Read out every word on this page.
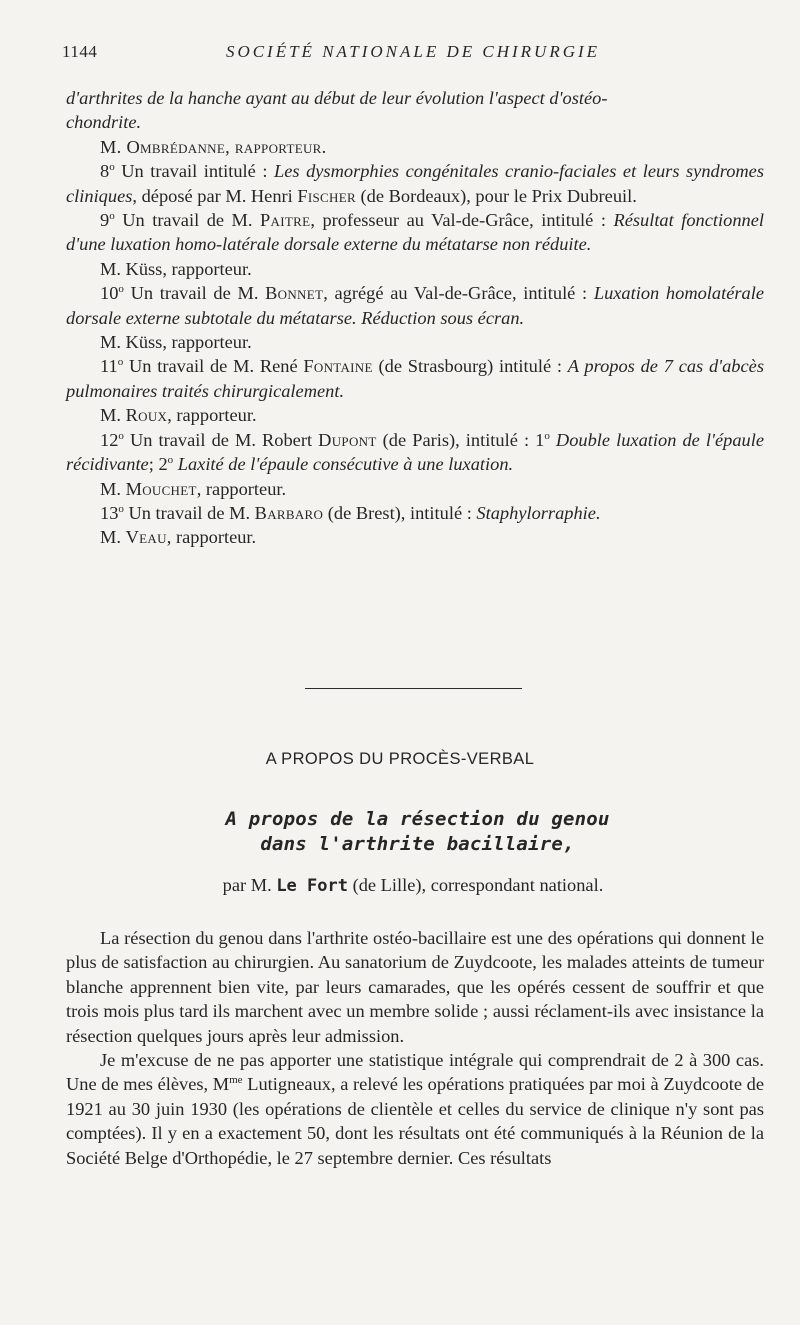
1144	SOCIÉTÉ NATIONALE DE CHIRURGIE

d'arthrites de la hanche ayant au début de leur évolution l'aspect d'ostéo-
chondrite.

M. Ombrédanne, rapporteur.

8$^o$ Un travail intitulé : Les dysmorphies congénitales cranio-faciales et leurs syndromes cliniques, déposé par M. Henri Fischer (de Bordeaux), pour le Prix Dubreuil.

9$^o$ Un travail de M. Paitre, professeur au Val-de-Grâce, intitulé : Résultat fonctionnel d'une luxation homo-latérale dorsale externe du métatarse non réduite.

M. Küss, rapporteur.

10$^o$ Un travail de M. Bonnet, agrégé au Val-de-Grâce, intitulé : Luxation homolatérale dorsale externe subtotale du métatarse. Réduction sous écran.

M. Küss, rapporteur.

11$^o$ Un travail de M. René Fontaine (de Strasbourg) intitulé : A propos de 7 cas d'abcès pulmonaires traités chirurgicalement.

M. Roux, rapporteur.

12$^o$ Un travail de M. Robert Dupont (de Paris), intitulé : 1$^o$ Double luxation de l'épaule récidivante; 2$^o$ Laxité de l'épaule consécutive à une luxation.

M. Mouchet, rapporteur.

13$^o$ Un travail de M. Barbaro (de Brest), intitulé : Staphylorraphie.

M. Veau, rapporteur.

A PROPOS DU PROCÈS-VERBAL
A propos de la résection du genou
dans l'arthrite bacillaire,
par M. Le Fort (de Lille), correspondant national.

La résection du genou dans l'arthrite ostéo-bacillaire est une des opérations qui donnent le plus de satisfaction au chirurgien. Au sanatorium de Zuydcoote, les malades atteints de tumeur blanche apprennent bien vite, par leurs camarades, que les opérés cessent de souffrir et que trois mois plus tard ils marchent avec un membre solide ; aussi réclament-ils avec insistance la résection quelques jours après leur admission.

Je m'excuse de ne pas apporter une statistique intégrale qui comprendrait de 2 à 300 cas. Une de mes élèves, $M^{me}$ Lutigneaux, a relevé les opérations pratiquées par moi à Zuydcoote de 1921 au 30 juin 1930 (les opérations de clientèle et celles du service de clinique n'y sont pas comptées). Il y en a exactement 50, dont les résultats ont été communiqués à la Réunion de la Société Belge d'Orthopédie, le 27 septembre dernier. Ces résultats
